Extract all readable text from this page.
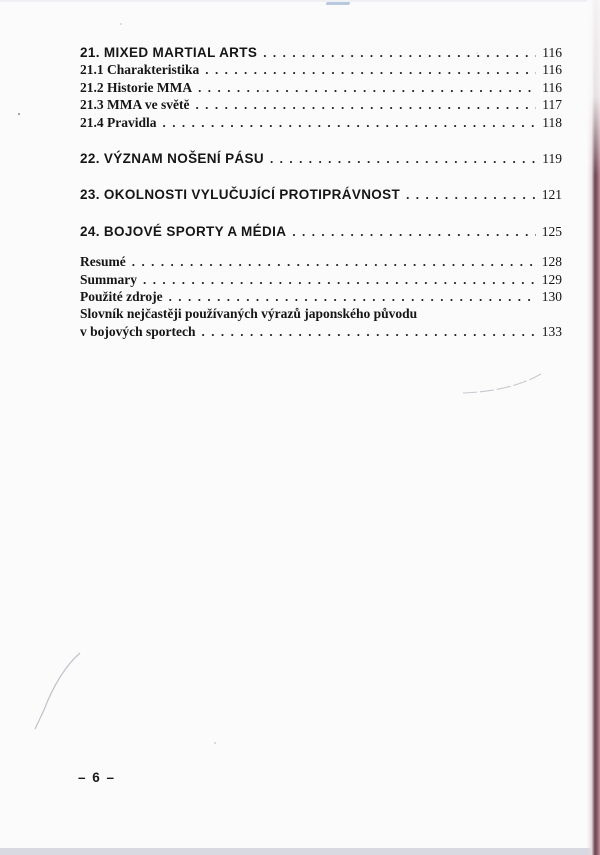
21. MIXED MARTIAL ARTS . . .	116
21.1 Charakteristika . . .	116
21.2 Historie MMA . . .	116
21.3 MMA ve světě . . .	117
21.4 Pravidla . . .	118
22. VÝZNAM NOŠENÍ PÁSU . . .	119
23. OKOLNOSTI VYLUČUJÍCÍ PROTIPRÁVNOST . . .	121
24. BOJOVÉ SPORTY A MÉDIA . . .	125
Resumé . . .	128
Summary . . .	129
Použité zdroje . . .	130
Slovník nejčastěji používaných výrazů japonského původu
v bojových sportech . . .	133
– 6 –
